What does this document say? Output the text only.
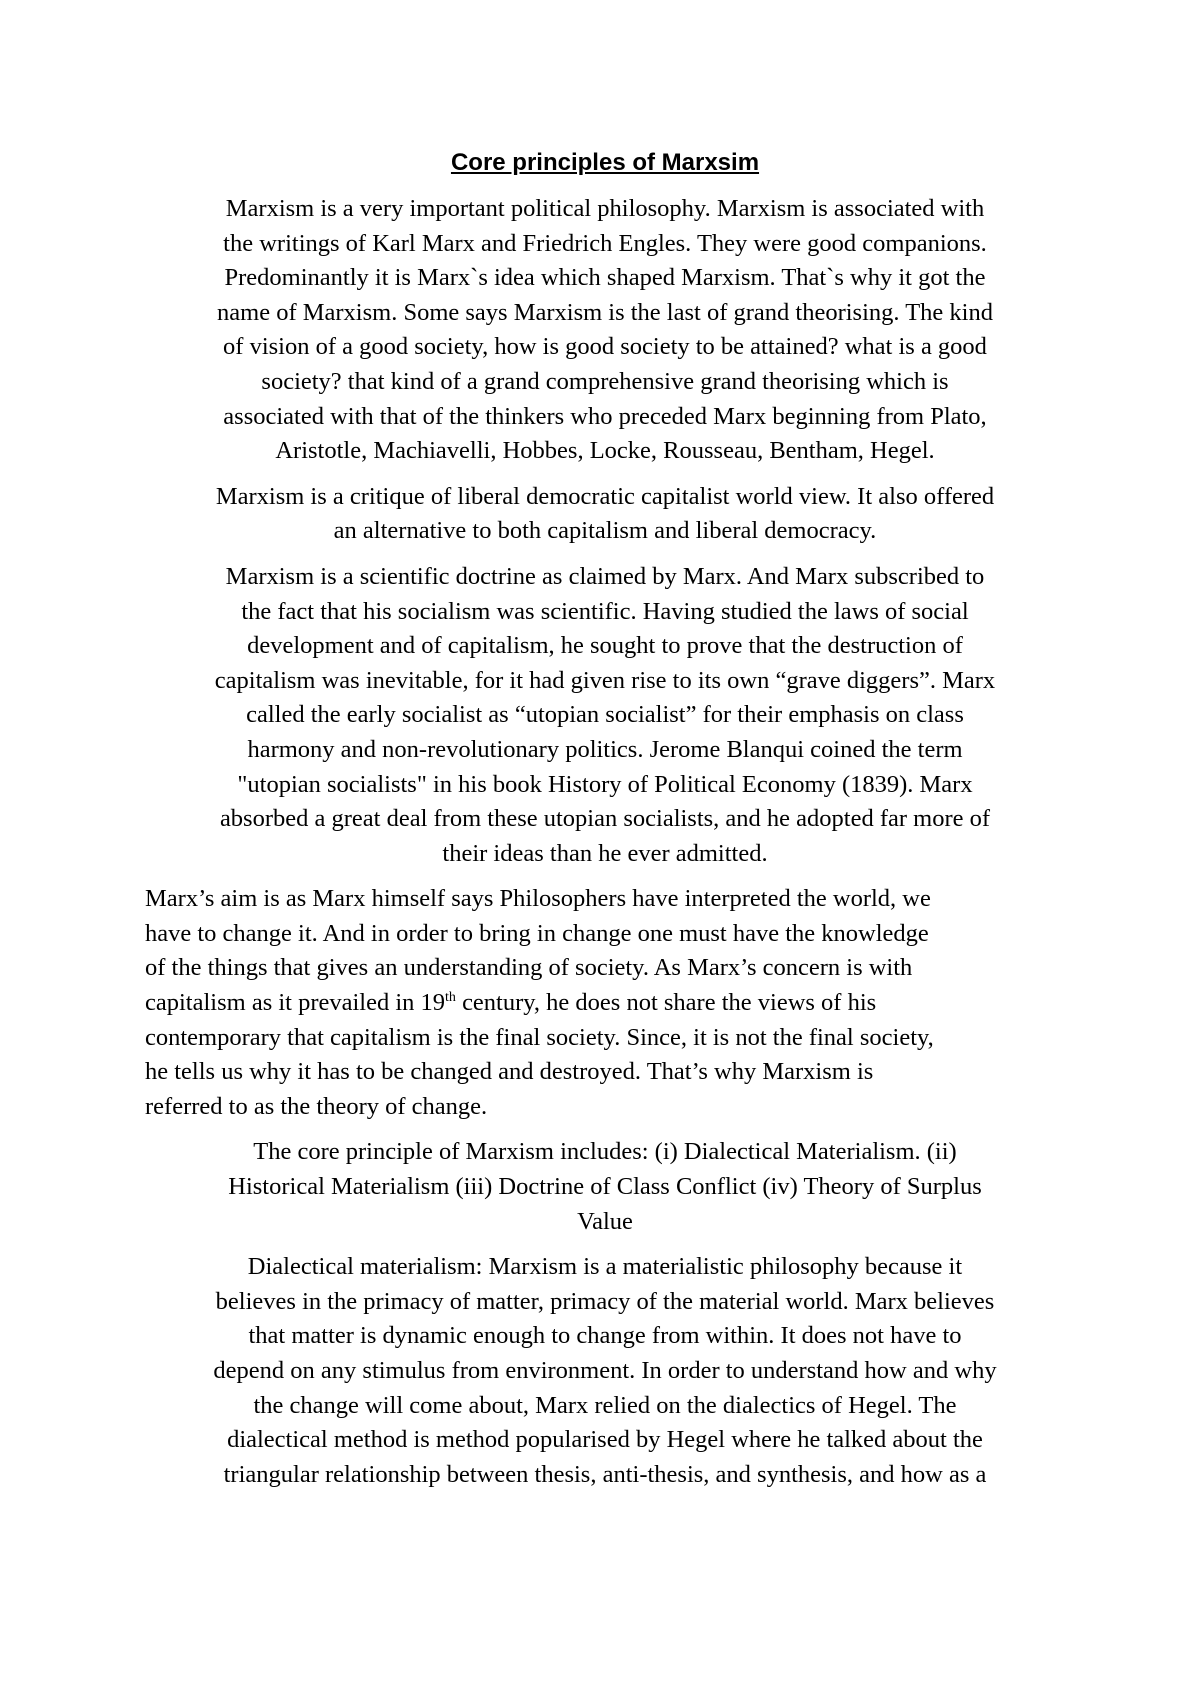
Core principles of Marxsim
Marxism is a very important political philosophy. Marxism is associated with
the writings of Karl Marx and Friedrich Engles. They were good companions.
Predominantly it is Marx`s idea which shaped Marxism. That`s why it got the
name of Marxism. Some says Marxism is the last of grand theorising. The kind
of vision of a good society, how is good society to be attained? what is a good
society? that kind of a grand comprehensive grand theorising which is
associated with that of the thinkers who preceded Marx beginning from Plato,
Aristotle, Machiavelli, Hobbes, Locke, Rousseau, Bentham, Hegel.
Marxism is a critique of liberal democratic capitalist world view. It also offered
an alternative to both capitalism and liberal democracy.
Marxism is a scientific doctrine as claimed by Marx. And Marx subscribed to
the fact that his socialism was scientific. Having studied the laws of social
development and of capitalism, he sought to prove that the destruction of
capitalism was inevitable, for it had given rise to its own “grave diggers”. Marx
called the early socialist as “utopian socialist” for their emphasis on class
harmony and non-revolutionary politics. Jerome Blanqui coined the term
"utopian socialists" in his book History of Political Economy (1839). Marx
absorbed a great deal from these utopian socialists, and he adopted far more of
their ideas than he ever admitted.
Marx’s aim is as Marx himself says Philosophers have interpreted the world, we
have to change it. And in order to bring in change one must have the knowledge
of the things that gives an understanding of society. As Marx’s concern is with
capitalism as it prevailed in 19th century, he does not share the views of his
contemporary that capitalism is the final society. Since, it is not the final society,
he tells us why it has to be changed and destroyed. That’s why Marxism is
referred to as the theory of change.
The core principle of Marxism includes: (i) Dialectical Materialism. (ii)
Historical Materialism (iii) Doctrine of Class Conflict (iv) Theory of Surplus
Value
Dialectical materialism: Marxism is a materialistic philosophy because it
believes in the primacy of matter, primacy of the material world. Marx believes
that matter is dynamic enough to change from within. It does not have to
depend on any stimulus from environment. In order to understand how and why
the change will come about, Marx relied on the dialectics of Hegel. The
dialectical method is method popularised by Hegel where he talked about the
triangular relationship between thesis, anti-thesis, and synthesis, and how as a
